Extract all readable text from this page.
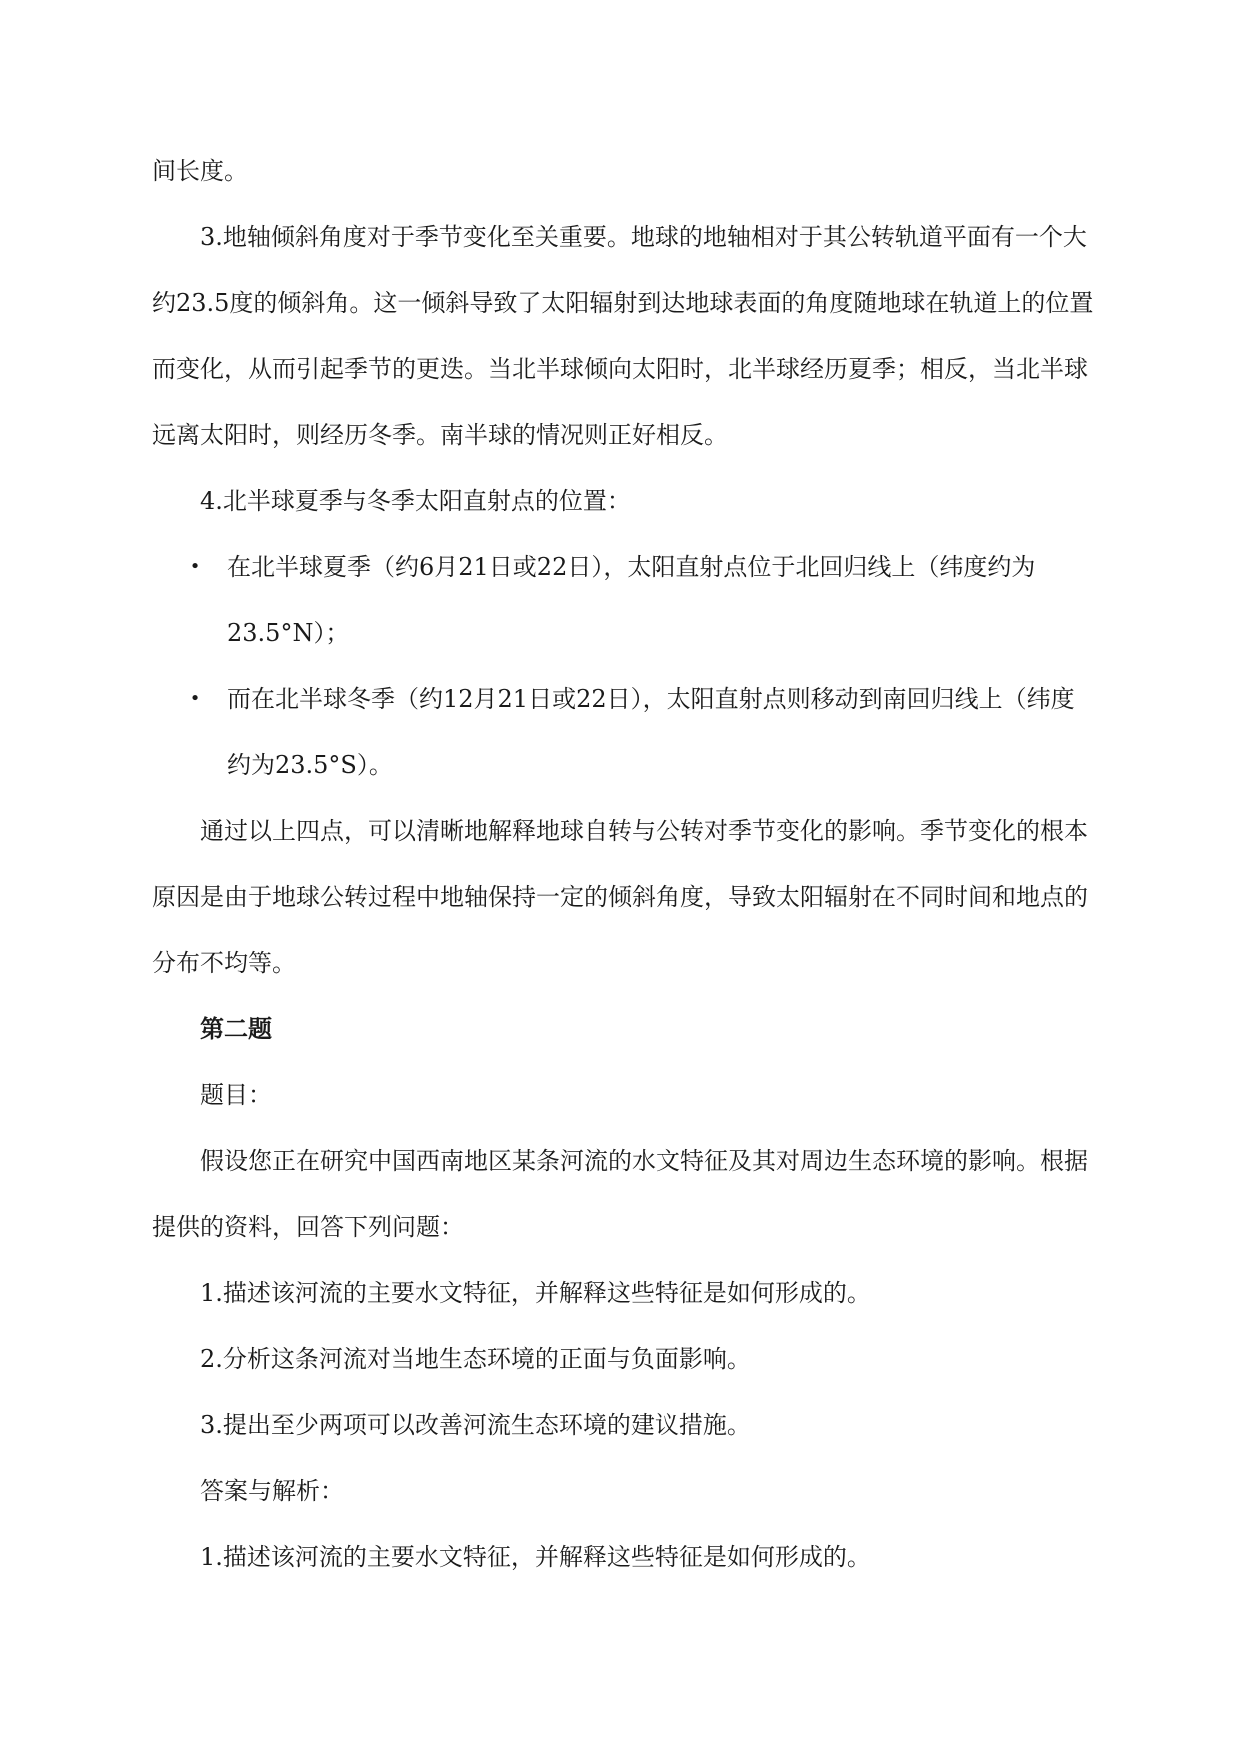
间长度。

3.地轴倾斜角度对于季节变化至关重要。地球的地轴相对于其公转轨道平面有一个大约23.5度的倾斜角。这一倾斜导致了太阳辐射到达地球表面的角度随地球在轨道上的位置而变化，从而引起季节的更迭。当北半球倾向太阳时，北半球经历夏季；相反，当北半球远离太阳时，则经历冬季。南半球的情况则正好相反。

4.北半球夏季与冬季太阳直射点的位置：

• 在北半球夏季（约6月21日或22日），太阳直射点位于北回归线上（纬度约为23.5°N）；
• 而在北半球冬季（约12月21日或22日），太阳直射点则移动到南回归线上（纬度约为23.5°S）。

通过以上四点，可以清晰地解释地球自转与公转对季节变化的影响。季节变化的根本原因是由于地球公转过程中地轴保持一定的倾斜角度，导致太阳辐射在不同时间和地点的分布不均等。

第二题

题目：

假设您正在研究中国西南地区某条河流的水文特征及其对周边生态环境的影响。根据提供的资料，回答下列问题：

1.描述该河流的主要水文特征，并解释这些特征是如何形成的。

2.分析这条河流对当地生态环境的正面与负面影响。

3.提出至少两项可以改善河流生态环境的建议措施。

答案与解析：

1.描述该河流的主要水文特征，并解释这些特征是如何形成的。
